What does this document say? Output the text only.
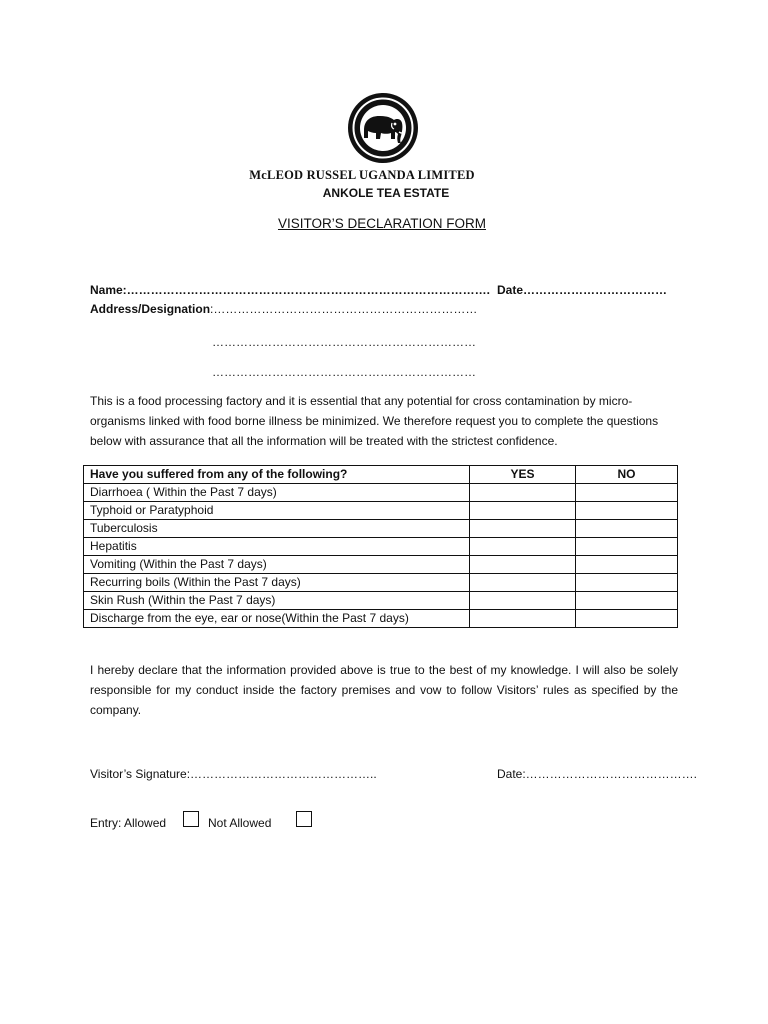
McLEOD RUSSEL UGANDA LIMITED
ANKOLE TEA ESTATE
VISITOR’S DECLARATION FORM
Name:………………………………………………………………………………. Date………………………………
Address/Designation:…………………………………………………………
…………………………………………………………
…………………………………………………………
This is a food processing factory and it is essential that any potential for cross contamination by micro-organisms linked with food borne illness be minimized. We therefore request you to complete the questions below with assurance that all the information will be treated with the strictest confidence.
Have you suffered from any of the following?	YES	NO
Diarrhoea ( Within the Past 7 days)		
Typhoid or Paratyphoid		
Tuberculosis		
Hepatitis		
Vomiting (Within the Past 7 days)		
Recurring boils (Within the Past 7 days)		
Skin Rush (Within the Past 7 days)		
Discharge from the eye, ear or nose(Within the Past 7 days)		
I hereby declare that the information provided above is true to the best of my knowledge. I will also be solely responsible for my conduct inside the factory premises and vow to follow Visitors’ rules as specified by the company.
Visitor’s Signature:………………………………………..	Date:…………………………………….
Entry: Allowed	Not Allowed
